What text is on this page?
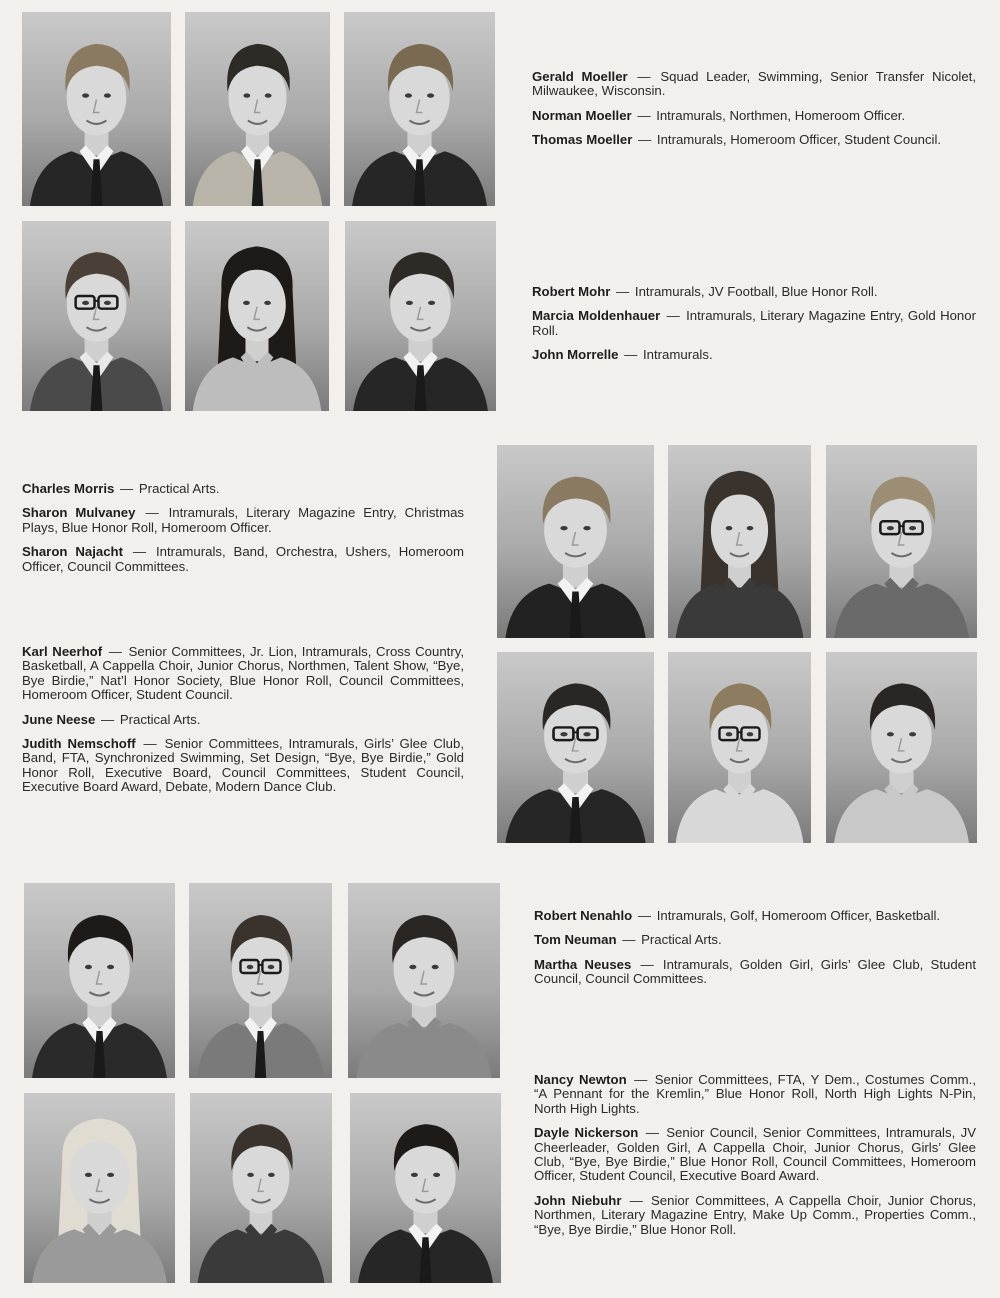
Gerald Moeller — Squad Leader, Swimming, Senior Transfer Nicolet, Milwaukee, Wisconsin.

Norman Moeller — Intramurals, Northmen, Homeroom Officer.

Thomas Moeller — Intramurals, Homeroom Officer, Student Council.

Robert Mohr — Intramurals, JV Football, Blue Honor Roll.

Marcia Moldenhauer — Intramurals, Literary Magazine Entry, Gold Honor Roll.

John Morrelle — Intramurals.

Charles Morris — Practical Arts.

Sharon Mulvaney — Intramurals, Literary Magazine Entry, Christmas Plays, Blue Honor Roll, Homeroom Officer.

Sharon Najacht — Intramurals, Band, Orchestra, Ushers, Homeroom Officer, Council Committees.

Karl Neerhof — Senior Committees, Jr. Lion, Intramurals, Cross Country, Basketball, A Cappella Choir, Junior Chorus, Northmen, Talent Show, “Bye, Bye Birdie,” Nat’l Honor Society, Blue Honor Roll, Council Committees, Homeroom Officer, Student Council.

June Neese — Practical Arts.

Judith Nemschoff — Senior Committees, Intramurals, Girls’ Glee Club, Band, FTA, Synchronized Swimming, Set Design, “Bye, Bye Birdie,” Gold Honor Roll, Executive Board, Council Committees, Student Council, Executive Board Award, Debate, Modern Dance Club.

Robert Nenahlo — Intramurals, Golf, Homeroom Officer, Basketball.

Tom Neuman — Practical Arts.

Martha Neuses — Intramurals, Golden Girl, Girls’ Glee Club, Student Council, Council Committees.

Nancy Newton — Senior Committees, FTA, Y Dem., Costumes Comm., “A Pennant for the Kremlin,” Blue Honor Roll, North High Lights N-Pin, North High Lights.

Dayle Nickerson — Senior Council, Senior Committees, Intramurals, JV Cheerleader, Golden Girl, A Cappella Choir, Junior Chorus, Girls’ Glee Club, “Bye, Bye Birdie,” Blue Honor Roll, Council Committees, Homeroom Officer, Student Council, Executive Board Award.

John Niebuhr — Senior Committees, A Cappella Choir, Junior Chorus, Northmen, Literary Magazine Entry, Make Up Comm., Properties Comm., “Bye, Bye Birdie,” Blue Honor Roll.
